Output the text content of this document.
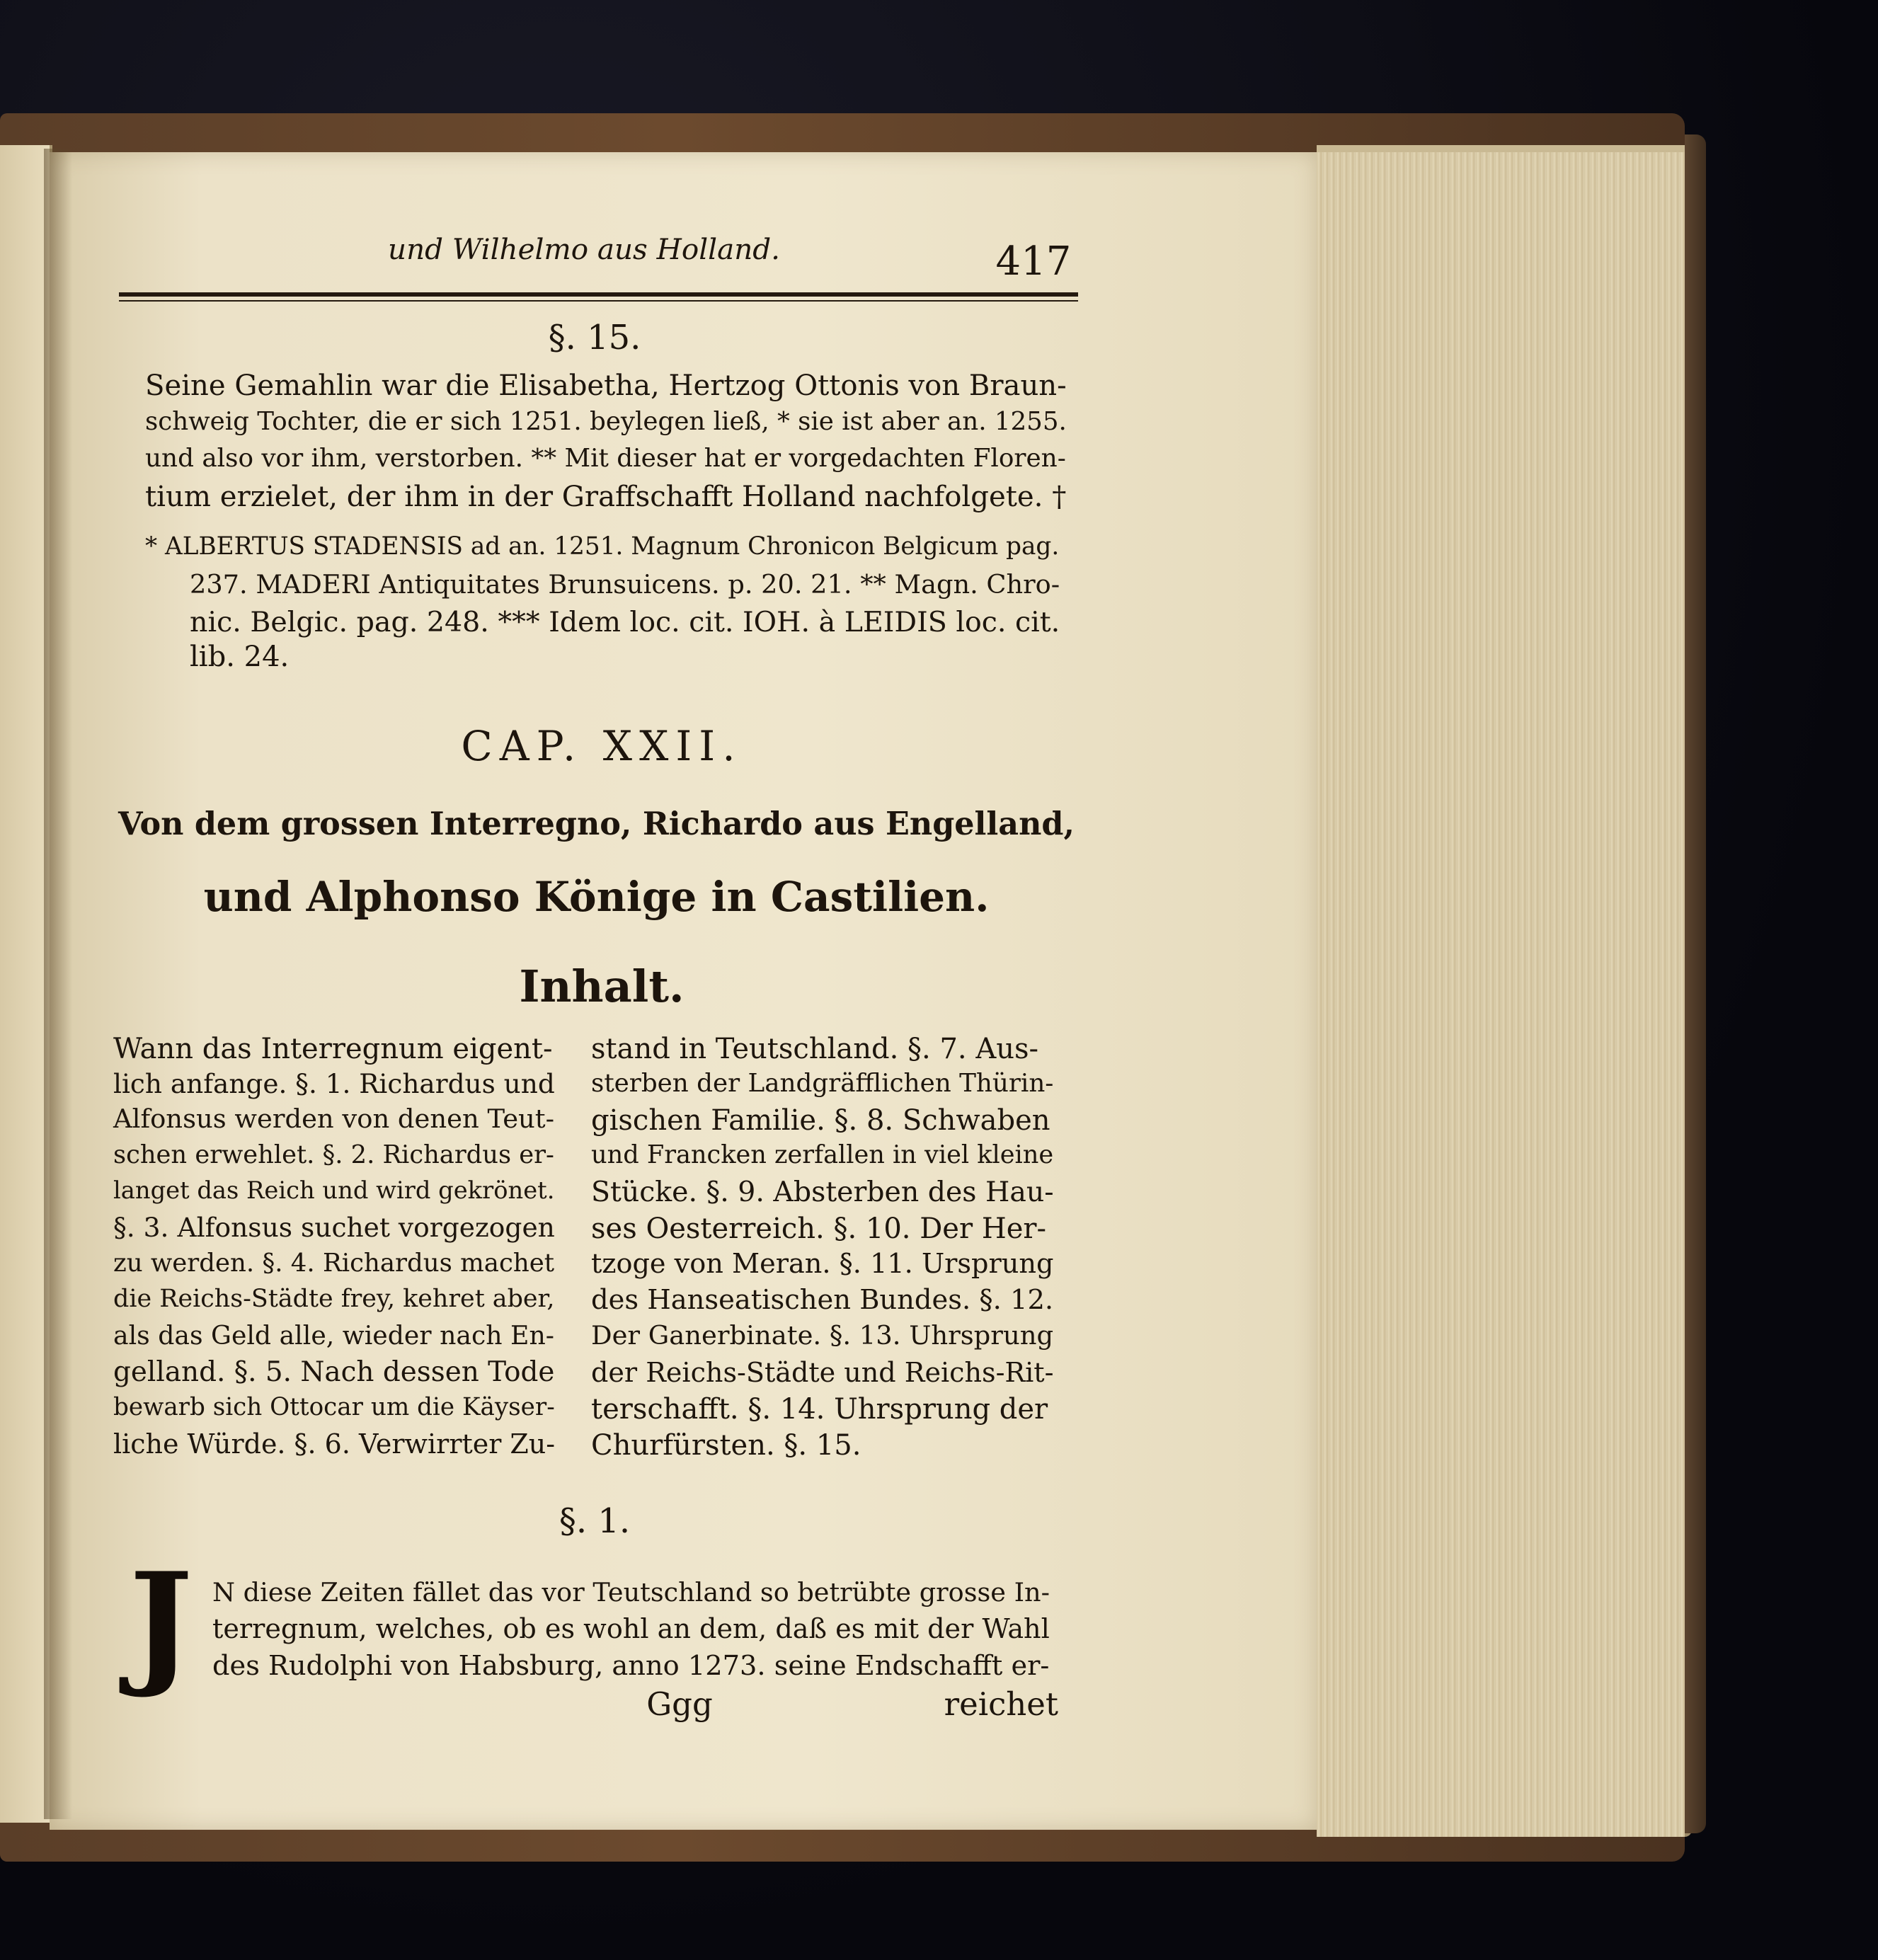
und Wilhelmo aus Holland.	417

§. 15.

Seine Gemahlin war die Elisabetha, Hertzog Ottonis von Braun-

schweig Tochter, die er sich 1251. beylegen ließ, * sie ist aber an. 1255.

und also vor ihm, verstorben. ** Mit dieser hat er vorgedachten Floren-

tium erzielet, der ihm in der Graffschafft Holland nachfolgete. †

* ALBERTUS STADENSIS ad an. 1251. Magnum Chronicon Belgicum pag.

237. MADERI Antiquitates Brunsuicens. p. 20. 21. ** Magn. Chro-

nic. Belgic. pag. 248. *** Idem loc. cit. IOH. à LEIDIS loc. cit.

lib. 24.

CAP. XXII.

Von dem grossen Interregno, Richardo aus Engelland,

und Alphonso Könige in Castilien.

Inhalt.

Wann das Interregnum eigent-

lich anfange. §. 1. Richardus und

Alfonsus werden von denen Teut-

schen erwehlet. §. 2. Richardus er-

langet das Reich und wird gekrönet.

§. 3. Alfonsus suchet vorgezogen

zu werden. §. 4. Richardus machet

die Reichs-Städte frey, kehret aber,

als das Geld alle, wieder nach En-

gelland. §. 5. Nach dessen Tode

bewarb sich Ottocar um die Käyser-

liche Würde. §. 6. Verwirrter Zu-

stand in Teutschland. §. 7. Aus-

sterben der Landgräfflichen Thürin-

gischen Familie. §. 8. Schwaben

und Francken zerfallen in viel kleine

Stücke. §. 9. Absterben des Hau-

ses Oesterreich. §. 10. Der Her-

tzoge von Meran. §. 11. Ursprung

des Hanseatischen Bundes. §. 12.

Der Ganerbinate. §. 13. Uhrsprung

der Reichs-Städte und Reichs-Rit-

terschafft. §. 14. Uhrsprung der

Churfürsten. §. 15.

§. 1.

J N diese Zeiten fället das vor Teutschland so betrübte grosse In-

terregnum, welches, ob es wohl an dem, daß es mit der Wahl

des Rudolphi von Habsburg, anno 1273. seine Endschafft er-

Ggg	reichet
